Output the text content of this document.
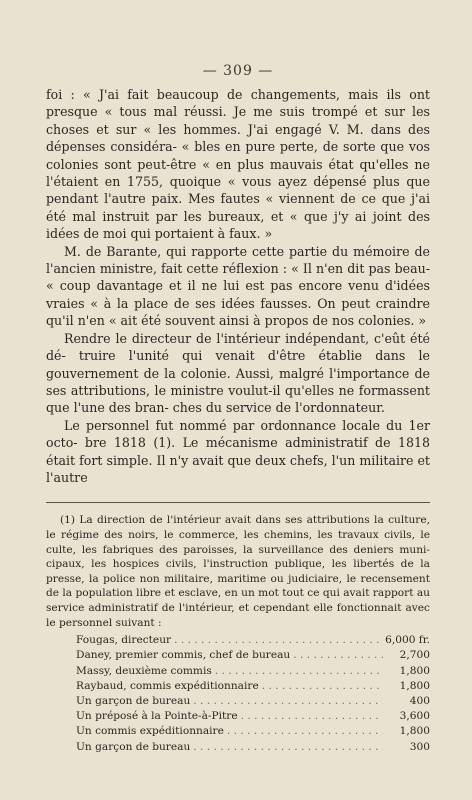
— 309 —

foi : « J'ai fait beaucoup de changements, mais ils ont presque « tous mal réussi. Je me suis trompé et sur les choses et sur « les hommes. J'ai engagé V. M. dans des dépenses considéra- « bles en pure perte, de sorte que vos colonies sont peut-être « en plus mauvais état qu'elles ne l'étaient en 1755, quoique « vous ayez dépensé plus que pendant l'autre paix. Mes fautes « viennent de ce que j'ai été mal instruit par les bureaux, et « que j'y ai joint des idées de moi qui portaient à faux. »

M. de Barante, qui rapporte cette partie du mémoire de l'ancien ministre, fait cette réflexion : « Il n'en dit pas beau- « coup davantage et il ne lui est pas encore venu d'idées vraies « à la place de ses idées fausses. On peut craindre qu'il n'en « ait été souvent ainsi à propos de nos colonies. »

Rendre le directeur de l'intérieur indépendant, c'eût été dé- truire l'unité qui venait d'être établie dans le gouvernement de la colonie. Aussi, malgré l'importance de ses attributions, le ministre voulut-il qu'elles ne formassent que l'une des bran- ches du service de l'ordonnateur.

Le personnel fut nommé par ordonnance locale du 1er octo- bre 1818 (1). Le mécanisme administratif de 1818 était fort simple. Il n'y avait que deux chefs, l'un militaire et l'autre

(1) La direction de l'intérieur avait dans ses attributions la culture, le régime des noirs, le commerce, les chemins, les travaux civils, le culte, les fabriques des paroisses, la surveillance des deniers muni- cipaux, les hospices civils, l'instruction publique, les libertés de la presse, la police non militaire, maritime ou judiciaire, le recensement de la population libre et esclave, en un mot tout ce qui avait rapport au service administratif de l'intérieur, et cependant elle fonctionnait avec le personnel suivant :

Fougas, directeur . . .	6,000 fr.
Daney, premier commis, chef de bureau . . .	2,700
Massy, deuxième commis . . .	1,800
Raybaud, commis expéditionnaire . . .	1,800
Un garçon de bureau . . .	400
Un préposé à la Pointe-à-Pitre . . .	3,600
Un commis expéditionnaire . . .	1,800
Un garçon de bureau . . .	300
